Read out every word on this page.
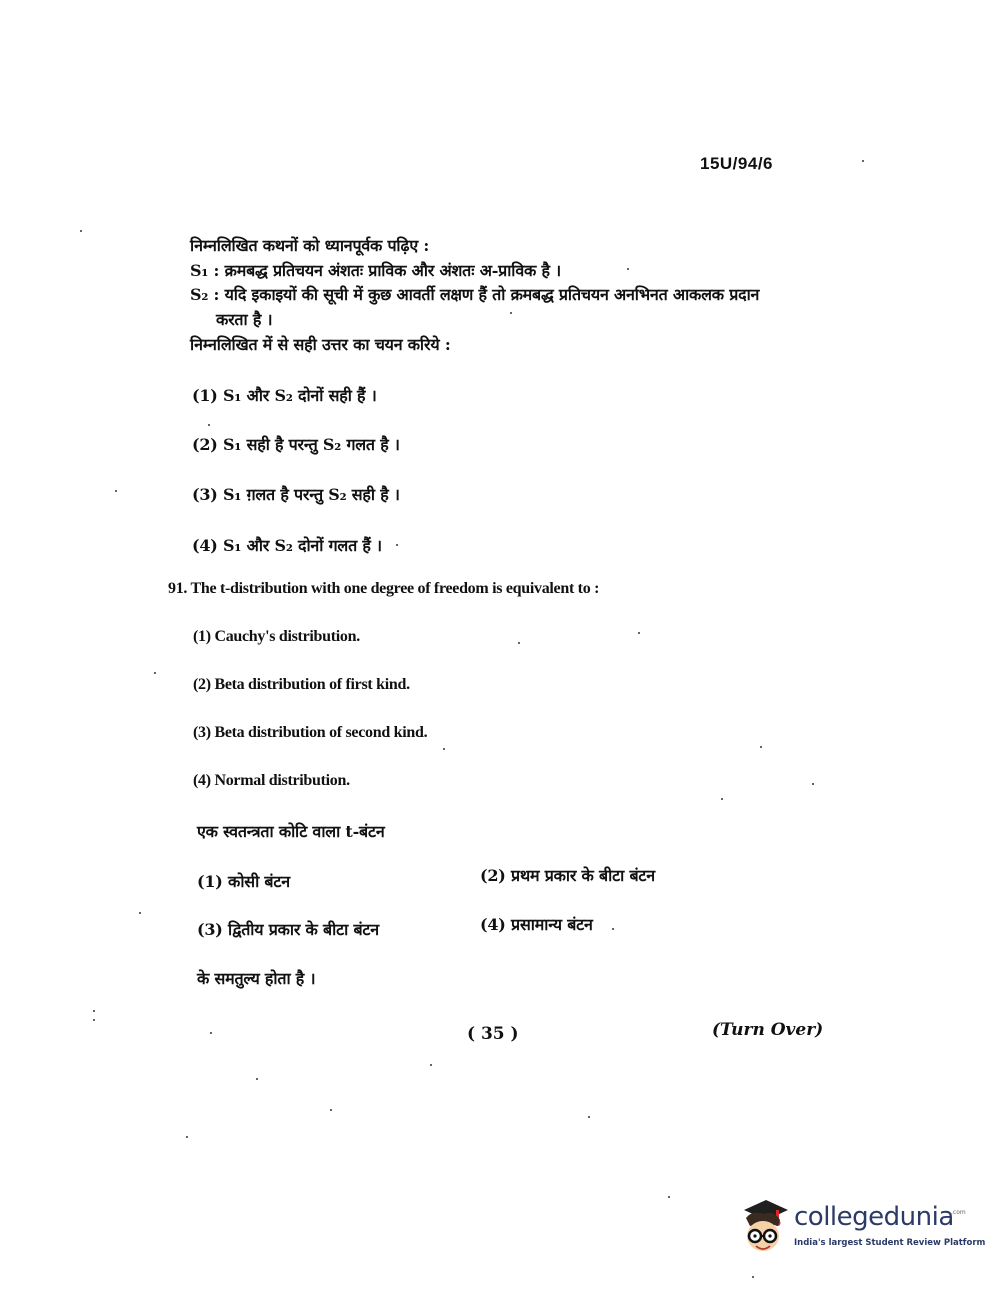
15U/94/6
निम्नलिखित कथनों को ध्यानपूर्वक पढ़िए :
S₁ : क्रमबद्ध प्रतिचयन अंशतः प्राविक और अंशतः अ-प्राविक है ।
S₂ : यदि इकाइयों की सूची में कुछ आवर्ती लक्षण हैं तो क्रमबद्ध प्रतिचयन अनभिनत आकलक प्रदान
करता है ।
निम्नलिखित में से सही उत्तर का चयन करिये :
(1) S₁ और S₂ दोनों सही हैं ।
(2) S₁ सही है परन्तु S₂ गलत है ।
(3) S₁ ग़लत है परन्तु S₂ सही है ।
(4) S₁ और S₂ दोनों गलत हैं ।
91. The t-distribution with one degree of freedom is equivalent to :
(1) Cauchy's distribution.
(2) Beta distribution of first kind.
(3) Beta distribution of second kind.
(4) Normal distribution.
एक स्वतन्त्रता कोटि वाला t-बंटन
(1) कोसी बंटन	(2) प्रथम प्रकार के बीटा बंटन
(3) द्वितीय प्रकार के बीटा बंटन	(4) प्रसामान्य बंटन
के समतुल्य होता है ।
( 35 )	(Turn Over)
collegedunia
.com
India's largest Student Review Platform
